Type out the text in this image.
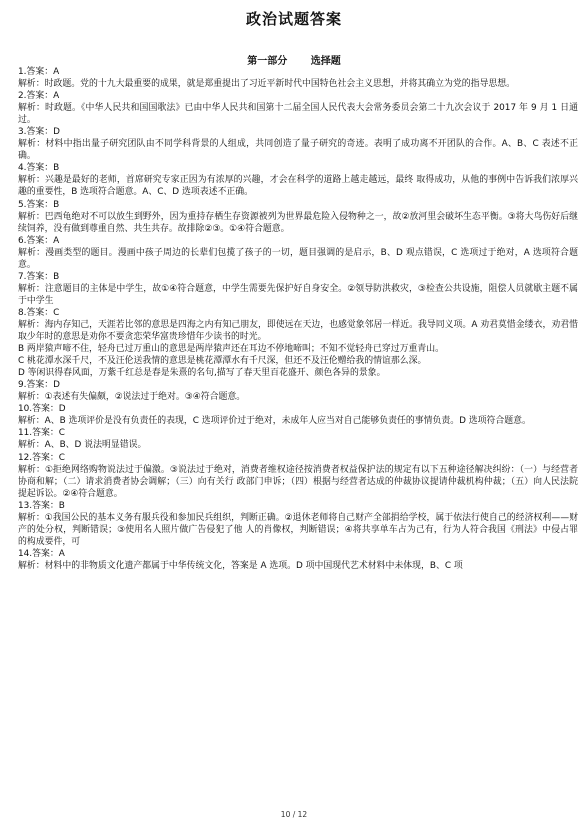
政治试题答案
第一部分 选择题
1.答案：A
解析：时政题。党的十九大最重要的成果，就是郑重提出了习近平新时代中国特色社会主义思想，并将其确立为党的指导思想。
2.答案：A
解析：时政题。《中华人民共和国国歌法》已由中华人民共和国第十二届全国人民代表大会常务委员会第二十九次会议于 2017 年 9 月 1 日通过。
3.答案：D
解析：材料中指出量子研究团队由不同学科背景的人组成，共同创造了量子研究的奇迹。表明了成功离不开团队的合作。A、B、C 表述不正确。
4.答案：B
解析：兴趣是最好的老师，首席研究专家正因为有浓厚的兴趣，才会在科学的道路上越走越远，最终 取得成功，从他的事例中告诉我们浓厚兴趣的重要性，B 选项符合题意。A、C、D 选项表述不正确。
5.答案：B
解析：巴西龟绝对不可以放生到野外，因为重持存栖生存资源被列为世界最危险入侵物种之一，故②放河里会破坏生态平衡。③将大鸟伤好后继续饲养，没有做到尊重自然、共生共存。故排除②③。①④符合题意。
6.答案：A
解析：漫画类型的题目。漫画中孩子周边的长辈们包揽了孩子的一切，题目强调的是启示，B、D 观点错误，C 选项过于绝对，A 选项符合题意。
7.答案：B
解析：注意题目的主体是中学生，故①④符合题意，中学生需要先保护好自身安全。②领导防洪救灾，③检查公共设施，阻偿人员就歇主题不属于中学生
8.答案：C
解析：海内存知己，天涯若比邻的意思是四海之内有知己朋友，即使远在天边，也感觉象邻居一样近。我导同义项。A 劝君莫惜金缕衣，劝君惜取少年时的意思是劝你不要贪恋荣华富贵珍惜年少读书的时光。
B 两岸猿声啼不住，轻舟已过万重山的意思是两岸猿声还在耳边不停地啼叫；不知不觉轻舟已穿过万重青山。
C 桃花潭水深千尺，不及汪伦送我情的意思是桃花潭潭水有千尺深，但还不及汪伦赠给我的情谊那么深。
D 等闲识得春风面，万紫千红总是春是朱熹的名句,描写了春天里百花盛开、颜色各异的景象。
9.答案：D
解析：①表述有失偏颇，②说法过于绝对。③④符合题意。
10.答案：D
解析：A、B 选项评价是没有负责任的表现，C 选项评价过于绝对，未成年人应当对自己能够负责任的事情负责。D 选项符合题意。
11.答案：C
解析：A、B、D 说法明显错误。
12.答案：C
解析：①拒绝网络购物说法过于偏激。③说法过于绝对，消费者维权途径按消费者权益保护法的规定有以下五种途径解决纠纷：（一）与经营者协商和解；（二）请求消费者协会调解；（三）向有关行 政部门申诉；（四）根据与经营者达成的仲裁协议提请仲裁机构仲裁；（五）向人民法院提起诉讼。②④符合题意。
13.答案：B
解析：①我国公民的基本义务有服兵役和参加民兵组织，判断正确。②退休老师将自己财产全部捐给学校，属于依法行使自己的经济权利——财产的处分权，判断错误；③使用名人照片做广告侵犯了他 人的肖像权，判断错误；④将共享单车占为己有，行为人符合我国《刑法》中侵占罪的构成要件，可
14.答案：A
解析：材料中的非物质文化遗产都属于中华传统文化，答案是 A 选项。D 项中国现代艺术材料中未体现，B、C 项
10 / 12
